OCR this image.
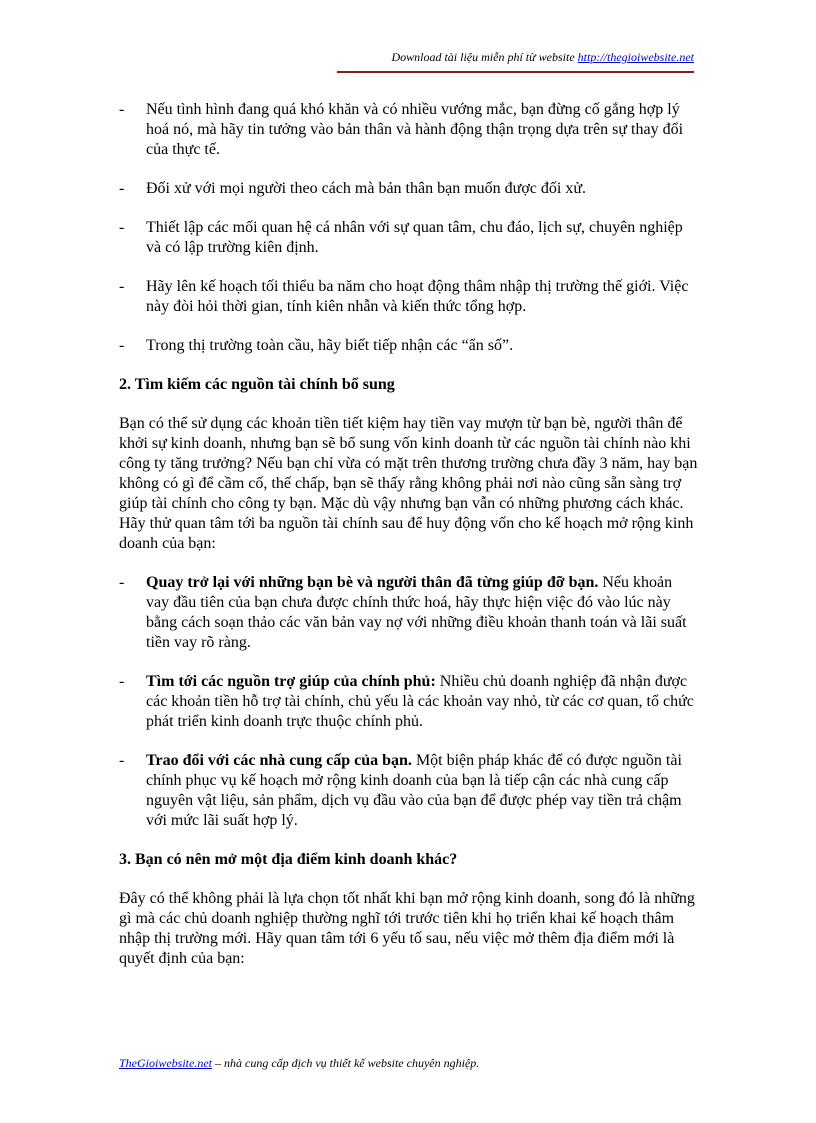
Download tài liệu miễn phí từ website http://thegioiwebsite.net
- Nếu tình hình đang quá khó khăn và có nhiều vướng mắc, bạn đừng cố gắng hợp lý hoá nó, mà hãy tin tưởng vào bản thân và hành động thận trọng dựa trên sự thay đổi của thực tế.
- Đối xử với mọi người theo cách mà bản thân bạn muốn được đối xử.
- Thiết lập các mối quan hệ cá nhân với sự quan tâm, chu đáo, lịch sự, chuyên nghiệp và có lập trường kiên định.
- Hãy lên kế hoạch tối thiểu ba năm cho hoạt động thâm nhập thị trường thế giới. Việc này đòi hỏi thời gian, tính kiên nhẫn và kiến thức tổng hợp.
- Trong thị trường toàn cầu, hãy biết tiếp nhận các “ẩn số”.
2. Tìm kiếm các nguồn tài chính bổ sung
Bạn có thể sử dụng các khoản tiền tiết kiệm hay tiền vay mượn từ bạn bè, người thân để khởi sự kinh doanh, nhưng bạn sẽ bổ sung vốn kinh doanh từ các nguồn tài chính nào khi công ty tăng trưởng? Nếu bạn chỉ vừa có mặt trên thương trường chưa đầy 3 năm, hay bạn không có gì để cầm cố, thế chấp, bạn sẽ thấy rằng không phải nơi nào cũng sẵn sàng trợ giúp tài chính cho công ty bạn. Mặc dù vậy nhưng bạn vẫn có những phương cách khác. Hãy thử quan tâm tới ba nguồn tài chính sau để huy động vốn cho kế hoạch mở rộng kinh doanh của bạn:
- Quay trở lại với những bạn bè và người thân đã từng giúp đỡ bạn. Nếu khoản vay đầu tiên của bạn chưa được chính thức hoá, hãy thực hiện việc đó vào lúc này bằng cách soạn thảo các văn bản vay nợ với những điều khoản thanh toán và lãi suất tiền vay rõ ràng.
- Tìm tới các nguồn trợ giúp của chính phủ: Nhiều chủ doanh nghiệp đã nhận được các khoản tiền hỗ trợ tài chính, chủ yếu là các khoản vay nhỏ, từ các cơ quan, tổ chức phát triển kinh doanh trực thuộc chính phủ.
- Trao đổi với các nhà cung cấp của bạn. Một biện pháp khác để có được nguồn tài chính phục vụ kế hoạch mở rộng kinh doanh của bạn là tiếp cận các nhà cung cấp nguyên vật liệu, sản phẩm, dịch vụ đầu vào của bạn để được phép vay tiền trả chậm với mức lãi suất hợp lý.
3. Bạn có nên mở một địa điểm kinh doanh khác?
Đây có thể không phải là lựa chọn tốt nhất khi bạn mở rộng kinh doanh, song đó là những gì mà các chủ doanh nghiệp thường nghĩ tới trước tiên khi họ triển khai kế hoạch thâm nhập thị trường mới. Hãy quan tâm tới 6 yếu tố sau, nếu việc mở thêm địa điểm mới là quyết định của bạn:
TheGioiwebsite.net – nhà cung cấp dịch vụ thiết kế website chuyên nghiệp.
